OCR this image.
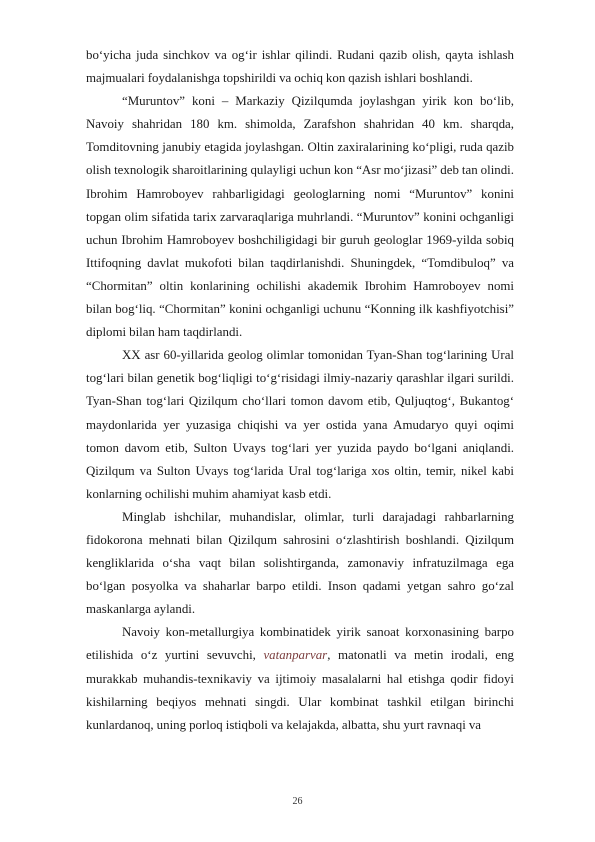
bo‘yicha juda sinchkov va og‘ir ishlar qilindi. Rudani qazib olish, qayta ishlash majmualari foydalanishga topshirildi va ochiq kon qazish ishlari boshlandi.

“Muruntov” koni – Markaziy Qizilqumda joylashgan yirik kon bo‘lib, Navoiy shahridan 180 km. shimolda, Zarafshon shahridan 40 km. sharqda, Tomditovning janubiy etagida joylashgan. Oltin zaxiralarining ko‘pligi, ruda qazib olish texnologik sharoitlarining qulayligi uchun kon “Asr mo‘jizasi” deb tan olindi. Ibrohim Hamroboyev rahbarligidagi geologlarning nomi “Muruntov” konini topgan olim sifatida tarix zarvaraqlariga muhrlandi. “Muruntov” konini ochganligi uchun Ibrohim Hamroboyev boshchiligidagi bir guruh geologlar 1969-yilda sobiq Ittifoqning davlat mukofoti bilan taqdirlanishdi. Shuningdek, “Tomdibuloq” va “Chormitan” oltin konlarining ochilishi akademik Ibrohim Hamroboyev nomi bilan bog‘liq. “Chormitan” konini ochganligi uchunu “Konning ilk kashfiyotchisi” diplomi bilan ham taqdirlandi.

XX asr 60-yillarida geolog olimlar tomonidan Tyan-Shan tog‘larining Ural tog‘lari bilan genetik bog‘liqligi to‘g‘risidagi ilmiy-nazariy qarashlar ilgari surildi. Tyan-Shan tog‘lari Qizilqum cho‘llari tomon davom etib, Quljuqtog‘, Bukantog‘ maydonlarida yer yuzasiga chiqishi va yer ostida yana Amudaryo quyi oqimi tomon davom etib, Sulton Uvays tog‘lari yer yuzida paydo bo‘lgani aniqlandi. Qizilqum va Sulton Uvays tog‘larida Ural tog‘lariga xos oltin, temir, nikel kabi konlarning ochilishi muhim ahamiyat kasb etdi.

Minglab ishchilar, muhandislar, olimlar, turli darajadagi rahbarlarning fidokorona mehnati bilan Qizilqum sahrosini o‘zlashtirish boshlandi. Qizilqum kengliklarida o‘sha vaqt bilan solishtirganda, zamonaviy infratuzilmaga ega bo‘lgan posyolka va shaharlar barpo etildi. Inson qadami yetgan sahro go‘zal maskanlarga aylandi.

Navoiy kon-metallurgiya kombinatidek yirik sanoat korxonasining barpo etilishida o‘z yurtini sevuvchi, vatanparvar, matonatli va metin irodali, eng murakkab muhandis-texnikaviy va ijtimoiy masalalarni hal etishga qodir fidoyi kishilarning beqiyos mehnati singdi. Ular kombinat tashkil etilgan birinchi kunlardanoq, uning porloq istiqboli va kelajakda, albatta, shu yurt ravnaqi va

26
